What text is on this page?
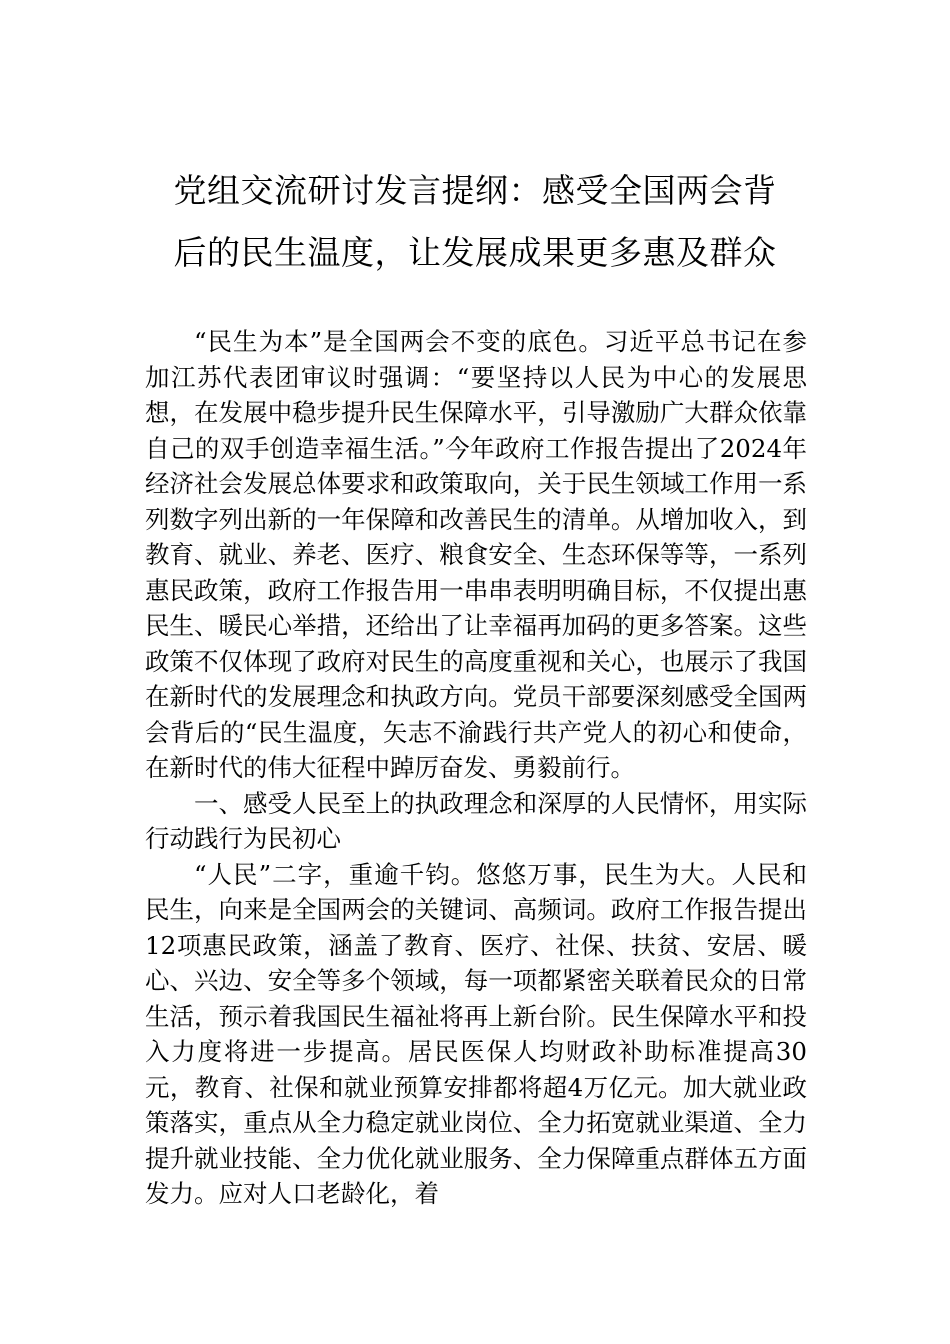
党组交流研讨发言提纲：感受全国两会背
后的民生温度，让发展成果更多惠及群众

“民生为本”是全国两会不变的底色。习近平总书记在参加江苏代表团审议时强调：“要坚持以人民为中心的发展思想，在发展中稳步提升民生保障水平，引导激励广大群众依靠自己的双手创造幸福生活。”今年政府工作报告提出了2024年经济社会发展总体要求和政策取向，关于民生领域工作用一系列数字列出新的一年保障和改善民生的清单。从增加收入，到教育、就业、养老、医疗、粮食安全、生态环保等等，一系列惠民政策，政府工作报告用一串串表明明确目标，不仅提出惠民生、暖民心举措，还给出了让幸福再加码的更多答案。这些政策不仅体现了政府对民生的高度重视和关心，也展示了我国在新时代的发展理念和执政方向。党员干部要深刻感受全国两会背后的“民生温度，矢志不渝践行共产党人的初心和使命，在新时代的伟大征程中踔厉奋发、勇毅前行。

一、感受人民至上的执政理念和深厚的人民情怀，用实际行动践行为民初心

“人民”二字，重逾千钧。悠悠万事，民生为大。人民和民生，向来是全国两会的关键词、高频词。政府工作报告提出12项惠民政策，涵盖了教育、医疗、社保、扶贫、安居、暖心、兴边、安全等多个领域，每一项都紧密关联着民众的日常生活，预示着我国民生福祉将再上新台阶。民生保障水平和投入力度将进一步提高。居民医保人均财政补助标准提高30元，教育、社保和就业预算安排都将超4万亿元。加大就业政策落实，重点从全力稳定就业岗位、全力拓宽就业渠道、全力提升就业技能、全力优化就业服务、全力保障重点群体五方面发力。应对人口老龄化，着
